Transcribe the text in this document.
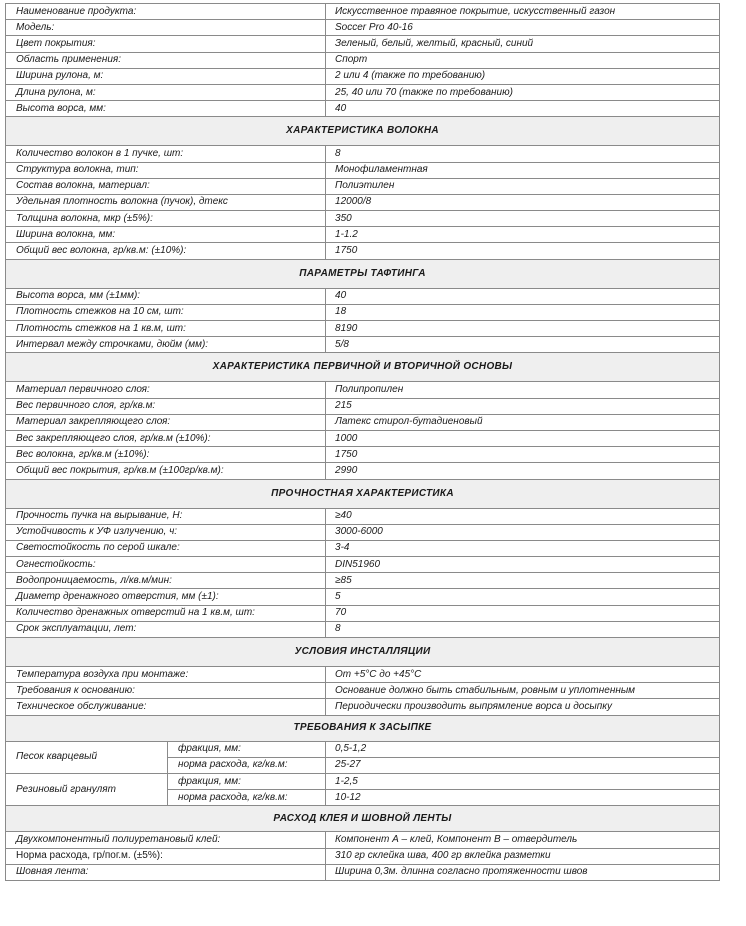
Наименование продукта:		Искусственное травяное покрытие, искусственный газон
Модель:		Soccer Pro 40-16
Цвет покрытия:		Зеленый, белый, желтый, красный, синий
Область применения:		Спорт
Ширина рулона, м:		2 или 4 (также по требованию)
Длина рулона, м:		25, 40 или 70 (также по требованию)
Высота ворса, мм:		40
ХАРАКТЕРИСТИКА ВОЛОКНА		
Количество волокон в 1 пучке, шт:		8
Структура волокна, тип:		Монофиламентная
Состав волокна, материал:		Полиэтилен
Удельная плотность волокна (пучок), дтекс		12000/8
Толщина волокна, мкр (±5%):		350
Ширина волокна, мм:		1-1.2
Общий вес волокна, гр/кв.м: (±10%):		1750
ПАРАМЕТРЫ ТАФТИНГА		
Высота ворса, мм (±1мм):		40
Плотность стежков на 10 см, шт:		18
Плотность стежков на 1 кв.м, шт:		8190
Интервал между строчками, дюйм (мм):		5/8
ХАРАКТЕРИСТИКА ПЕРВИЧНОЙ И ВТОРИЧНОЙ ОСНОВЫ		
Материал первичного слоя:		Полипропилен
Вес первичного слоя, гр/кв.м:		215
Материал закрепляющего слоя:		Латекс стирол-бутадиеновый
Вес закрепляющего слоя, гр/кв.м (±10%):		1000
Вес волокна, гр/кв.м (±10%):		1750
Общий вес покрытия, гр/кв.м (±100гр/кв.м):		2990
ПРОЧНОСТНАЯ ХАРАКТЕРИСТИКА		
Прочность пучка на вырывание, Н:		≥40
Устойчивость к УФ излучению, ч:		3000-6000
Светостойкость по серой шкале:		3-4
Огнестойкость:		DIN51960
Водопроницаемость, л/кв.м/мин:		≥85
Диаметр дренажного отверстия, мм (±1):		5
Количество дренажных отверстий на 1 кв.м, шт:		70
Срок эксплуатации, лет:		8
УСЛОВИЯ ИНСТАЛЛЯЦИИ		
Температура воздуха при монтаже:		От +5°С до +45°С
Требования к основанию:		Основание должно быть стабильным, ровным и уплотненным
Техническое обслуживание:		Периодически производить выпрямление ворса и досыпку
ТРЕБОВАНИЯ К ЗАСЫПКЕ		
Песок кварцевый	фракция, мм:	0,5-1,2
	норма расхода, кг/кв.м:	25-27
Резиновый гранулят	фракция, мм:	1-2,5
	норма расхода, кг/кв.м:	10-12
РАСХОД КЛЕЯ И ШОВНОЙ ЛЕНТЫ		
Двухкомпонентный полиуретановый клей:		Компонент А – клей, Компонент В – отвердитель
Норма расхода, гр/пог.м. (±5%):		310 гр склейка шва, 400 гр вклейка разметки
Шовная лента:		Ширина 0,3м. длинна согласно протяженности швов
